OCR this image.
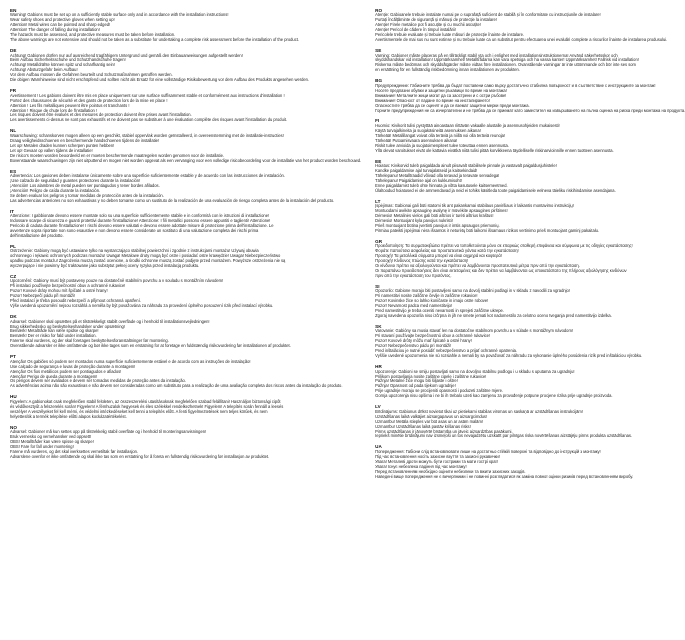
EN
Warning! Gabions must be set up on a sufficiently stable surface only and in accordance with the installation instructions!
Wear safety shoes and protective gloves when setting up!
Attention! Metal wires can be pointed and sharp edged!
Attention! The danger of falling during installation!
The hazards must be assessed, and protective measures must be taken before installation.
The above warnings are not extensive and should not be taken as a substitute for undertaking a complete risk assessment before the installation of the product.
DE
Achtung! Gabionen dürfen nur auf ausreichend tragfähigem Untergrund und gemäß den Einbauanweisungen aufgestellt werden!
Beim Aufbau Sicherheitsschuhe und Schutzhandschuhe tragen!
Achtung! Metalldrähte können spitz und scharfkantig sein!
Achtung! Absturzgefahr beim Aufbau!
Vor dem Aufbau müssen die Gefahren beurteilt und Schutzmaßnahmen getroffen werden.
Die obigen Warnhinweise sind nicht erschöpfend und sollten nicht als Ersatz für eine vollständige Risikobewertung vor dem Aufbau des Produkts angesehen werden.
FR
Avertissement ! Les gabions doivent être mis en place uniquement sur une surface suffisamment stable et conformément aux instructions d'installation !
Portez des chaussures de sécurité et des gants de protection lors de la mise en place !
Attention ! Les fils métalliques peuvent être pointus et tranchants !
Attention ! Risque de chute lors de l'installation !
Les risques doivent être évalués et des mesures de protection doivent être prises avant l'installation.
Les avertissements ci-dessus ne sont pas exhaustifs et ne doivent pas se substituer à une évaluation complète des risques avant l'installation du produit.
NL
Waarschuwing: schanskorven mogen alleen op een geschikt, stabiel oppervlak worden geïnstalleerd, in overeenstemming met de installatie-instructies!
Draag veiligheidsschoenen en beschermende handschoenen tijdens de installatie!
Let op! Metalen draden kunnen scherpen punten hebben!
Let op! Gevaar op vallen tijdens de installatie!
De risico's moeten worden beoordeeld en er moeten beschermende maatregelen worden genomen voor de installatie.
Bovenstaande waarschuwingen zijn niet uitputtend en mogen niet worden opgevat als een vervanging voor een volledige risicobeoordeling voor de installatie van het product worden beschouwd.
ES
Advertencia: Los gaviones deben instalarse únicamente sobre una superficie suficientemente estable y de acuerdo con las instrucciones de instalación.
¡Use calzado de seguridad y guantes protectores durante la instalación!
¡Atención! Los alambres de metal pueden ser puntiagudos y tener bordes afilados.
¡Atención! Peligro de caída durante la instalación.
Se deben evaluar los peligros y tomar medidas de protección antes de la instalación.
Las advertencias anteriores no son exhaustivas y no deben tomarse como un sustituto de la realización de una evaluación de riesgo completa antes de la instalación del producto.
IT
Attenzione: I gabbionate devono essere montate solo su una superficie sufficientemente stabile e in conformità con le istruzioni di installazione!
Indossare scarpe di sicurezza e guanti protettivi durante l'installazione! Attenzione: I fili metallici possono essere appuntiti e taglienti! Attenzione!
Pericolo di caduta durante l'installazione! I rischi devono essere valutati e devono essere adottate misure di protezione prima dell'installazione. Le
avvertenze sopra riportate non sono esaustive e non devono essere considerate un sostituto di una valutazione completa dei rischi prima
dell'installazione del prodotto.
PL
Ostrzeżenie: Gabiony mogą być ustawiane tylko na wystarczająco stabilnej powierzchni i zgodnie z instrukcjami montażu! Używaj obuwia
ochronnego i rękawic ochronnych podczas montażu! Uwaga! Metalowe druty mogą być ostre i posiadać ostre krawędzie! Uwaga! Niebezpieczeństwo
upadku podczas montażu! Zagrożenia muszą zostać ocenione, a środki ochronne muszą zostać podjęte przed montażem. Powyższe ostrzeżenia nie są
wyczerpujące i nie powinny być traktowane jako substytut pełnej oceny ryzyka przed instalacją produktu.
CZ
Upozornění: Gabiony musí být postaveny pouze na dostatečně stabilním povrchu a v souladu s montážním návodem!
Při instalaci používejte bezpečnostní obuv a ochranné rukavice!
Pozor! Kovové dráty mohou mít špičaté a ostré hrany!
Pozor! Nebezpečí pádu při montáži!
Před instalací je třeba posoudit nebezpečí a přijmout ochranná opatření.
Výše uvedená upozornění nejsou rozsáhlá a neměla by být považována za náhradu za provedení úplného posouzení rizik před instalací výrobku.
DK
Advarsel: Gabioner skal opsættes på et tilstrækkeligt stabilt overflade og i henhold til installationsvejledningen!
Brug sikkerhedssko og beskyttelseshandsker under opsætning!
Bemærk! Metaltråde kan være spidse og skarpe!
Bemærk! Der er risiko for fald under installation.
Farerne skal vurderes, og der skal foretages beskyttelsesforanstaltninger før montering.
Ovenstående advarsler er ikke omfattende og bør ikke tages som en erstatning for at foretage en fuldstændig risikovurdering før installationen af produktet.
PT
Atenção! Os gabiões só podem ser montados numa superfície suficientemente estável e de acordo com as instruções de instalação!
Use calçado de segurança e luvas de proteção durante a montagem!
Atenção! Os fios metálicos podem ser pontiagudos e afiados!
Atenção! Perigo de queda durante a montagem!
Os perigos devem ser avaliados e devem ser tomadas medidas de proteção antes da instalação.
As advertências acima não são exaustivas e não devem ser consideradas como um substituto para a realização de uma avaliação completa dos riscos antes da instalação do produto.
HU
Figyelem: A gabionokat csak megfelelően stabil felületen, az összeszerelési utasításoknak megfelelően szabad felállítani! Használjon biztonsági cipőt
és védőkesztyűt a felszerelés során! Figyelem! A fémhuzalok hegyesek és éles szélekkel rendelkezhetnek! Figyelem! A telepítés során fennáll a leesés
veszélye! A veszélyeket fel kell mérni, és védelmi intézkedéseket kell tenni a telepítés előtt. A fenti figyelmeztetések nem teljes körűek, és nem
helyettesítik a termék telepítése előtti alapos kockázatértékelést.
NO
Advarsel: Gabioner må kun settes opp på tilstrekkelig stabil overflate og i henhold til monteringsanvisningen!
Bruk vernesko og vernehansker ved oppsett!
OBS! Metalltråder kan være spisse og skarpe!
OBS! Fare for fall under montering!
Farene må vurderes, og det skal iverksettes vernetiltak før installasjon.
Advarslene ovenfor er ikke omfattende og skal ikke tas som en erstatning for å foreta en fullstendig risikovurdering før installasjon av produktet.
RO
Atenție: Gabioanele trebuie instalate numai pe o suprafață suficient de stabilă și în conformitate cu instrucțiunile de instalare!
Purtați încălțăminte de siguranță și mănuși de protecție la instalare!
Atenție! Firele metalice pot fi ascuțite și cu muchii ascuțite!
Atenție! Pericol de cădere în timpul instalării!
Pericolele trebuie evaluate și trebuie luate măsuri de protecție înainte de instalare.
Avertismentele de mai sus nu sunt extinse și nu trebuie luate ca un substitut pentru efectuarea unei evaluări complete a riscurilor înainte de instalarea produsului.
SE
Varning: Gabioner måste placeras på en tillräckligt stabil yta och i enlighet med installationsinstruktionerna! Använd säkerhetsskor och
skyddshandskar vid installation! Uppmärksamhet! Metalltrådarna kan vara spetsiga och ha vassa kanter! Uppmärksamhet! Fallrisk vid installation!
Riskerna måste bedömas och skyddsåtgärder måste vidtas före installationen. Ovanstående varningar är inte uttömmande och bör inte ses som
en ersättning för en fullständig riskbedömning innan installationen av produkten.
BG
Предупреждение: Габионите трябва да бъдат поставени само върху достатъчно стабилна повърхност и в съответствие с инструкциите за монтаж!
Носете предпазни обувки и защитни ръкавици по време на монтажа!
Внимание! Металните жици могат да са заострени и с остри ръбове!
Внимание! Опасност от падане по време на инсталирането!
Опасностите трябва да се оценят и да се вземат защитни мерки преди монтажа.
Горните предупреждения не са изчерпателни и не трябва да се приемат като заместител на извършването на пълна оценка на риска преди монтажа на продукта.
FI
Huomio: Kivikorit tulisi pystyttää ainoastaan riittävän vakaalle alustalle ja asennusohjeiden mukaisesti!
Käytä turvajalkineita ja suojakäsineitä asennuksen aikana!
Tärkeää! Metallilangat voivat olla teräviä ja niillä voi olla teräviä reunoja!
Tärkeää! Putoamisvaara asennuksen aikana!
Riskit tulee arvioida ja suojatoimenpiteet tulee toteuttaa ennen asennusta.
Yllä olevat varoitukset eivät ole kattavia eivätkä niitä tulisi pitää korvikkeena täydelliselle riskinarvioinnille ennen tuotteen asennusta.
EE
Hoiatus: Kivikorvid tuleb paigaldada ainult piisavalt stabiilsele pinnale ja vastavalt paigaldusjuhistele!
Kandke paigaldamise ajal turvajalatseid ja kaitsekindaid!
Tähelepanu! Metalltraadid võivad olla teravad ja teravate servadega!
Tähelepanu! Paigaldamise ajal on kukkumisoht!
Enne paigaldamist tuleb ohte hinnata ja võtta kasutusele kaitsemeetmed.
Ülaltoodud hoiatused ei ole ammendavad ja neid ei tohiks käsitleda toote paigaldamisele eelneva täieliku riskihindamise asendajana.
LT
Įspėjimas: Gabionai gali būti statomi tik ant pakankamai stabilaus paviršiaus ir laikantis montavimo instrukcijų!
Montuodami avėkite apsauginę avalynę ir mūvėkite apsaugines pirštines!
Dėmesio! Metalinės vielos gali būti aštrios ir turėti aštrius kraštus!
Dėmesio! Montuojant kyla pavojus nukristi!
Prieš montuojant būtina įvertinti pavojus ir imtis apsaugos priemonių.
Pirmiau pateikti įspėjimai nėra išsamūs ir neturėtų būti laikomi išsamaus rizikos vertinimo prieš montuojant gaminį pakaitalu.
GR
Προειδοποίηση: Τα συρματοκιβώτια πρέπει να τοποθετούνται μόνο σε επαρκώς σταθερή επιφάνεια και σύμφωνα με τις οδηγίες εγκατάστασης!
Φοράτε παπούτσια ασφαλείας και προστατευτικά γάντια κατά την εγκατάσταση!
Προσοχή! Τα μεταλλικά σύρματα μπορεί να είναι αιχμηρά και κοφτερά!
Προσοχή! Κίνδυνος πτώσης κατά την εγκατάσταση!
Οι κίνδυνοι πρέπει να αξιολογούνται και πρέπει να λαμβάνονται προστατευτικά μέτρα πριν από την εγκατάσταση.
Οι παραπάνω προειδοποιήσεις δεν είναι εκτεταμένες και δεν πρέπει να λαμβάνονται ως υποκατάστατο της πλήρους αξιολόγησης κινδύνων
πριν από την εγκατάσταση του προϊόντος.
SI
Opozorilo: Gabione morajo biti postavljeni samo na dovolj stabilni podlagi in v skladu z navodili za vgradnjo!
Pri namestitvi nosite zaščitne čevlje in zaščitne rokavice!
Pozor! Kovinske žice so lahko koničaste in imajo ostre robove!
Pozor! Nevarnost padca med namestitvijo!
Pred namestitvijo je treba oceniti nevarnosti in sprejeti zaščitne ukrepe.
Zgoraj navedena opozorila niso izčrpna in jih ne smete jemati kot nadomestilo za celotno oceno tveganja pred namestitvijo izdelka.
SK
Varovanie: Gabióny sa musia stavať len na dostatočne stabilnom povrchu a v súlade s montážnym návodom!
Pri stavaní používajte bezpečnostnú obuv a ochranné rukavice!
Pozor! Kovové drôty môžu mať špicaté a ostré hrany!
Pozor! Nebezpečenstvo pádu pri montáži!
Pred inštaláciou je nutné posúdiť nebezpečenstvo a prijať ochranné opatrenia.
Vyššie uvedené upozornenia nie sú rozsiahle a nemali by sa považovať za náhradu za vykonanie úplného posúdenia rizík pred inštaláciou výrobku.
HR
Upozorenje: Gabioni se smiju postavljati samo na dovoljno stabilnu podlogu i u skladu s uputama za ugradnju!
Prilikom postavljanja nosite zaštitne cipele i zaštitne rukavice!
Pažnja! Metalne žice mogu biti šiljaste i oštre!
Pažnja! Opasnost od pada tijekom ugradnje!
Prije ugradnje moraju se procijeniti opasnosti i poduzeti zaštitne mjere.
Gornja upozorenja nisu opširna i ne bi ih trebalo uzeti kao zamjenu za provođenje potpune procjene rizika prije ugradnje proizvoda.
LV
Brīdinājums: Gabionus drīkst novietot tikai uz pietiekami stabilas virsmas un saskaņā ar uzstādīšanas instrukcijām!
Uzstādīšanas laikā valkājiet aizsargapavus un aizsargcimdus!
Uzmanību! Metāla stieples var būt asas un ar asām malām!
Uzmanību! Uzstādīšanas laikā pastāv krišanas risks!
Pirms uzstādīšanas ir jānovērtē bīstamība un jāveic aizsardzības pasākumi.
Iepriekš minētie brīdinājumi nav izsmeļoši un tos nevajadzētu uzskatīt par pilnīgas riska novērtēšanas aizstājēju pirms produkta uzstādīšanas.
UA
Попередження: Габіони слід встановлювати лише на достатньо стійкій поверхні та відповідно до інструкцій з монтажу!
Під час встановлення носіть захисне взуття та захисні рукавички!
Увага! Металеві дроти можуть бути гострими та мати гострі краї!
Увага! Існує небезпека падіння під час монтажу!
Перед встановленням необхідно оцінити небезпеки та вжити захисних заходів.
Наведені вище попередження не є вичерпними і не повинні розглядатися як заміна повної оцінки ризиків перед встановленням виробу.
